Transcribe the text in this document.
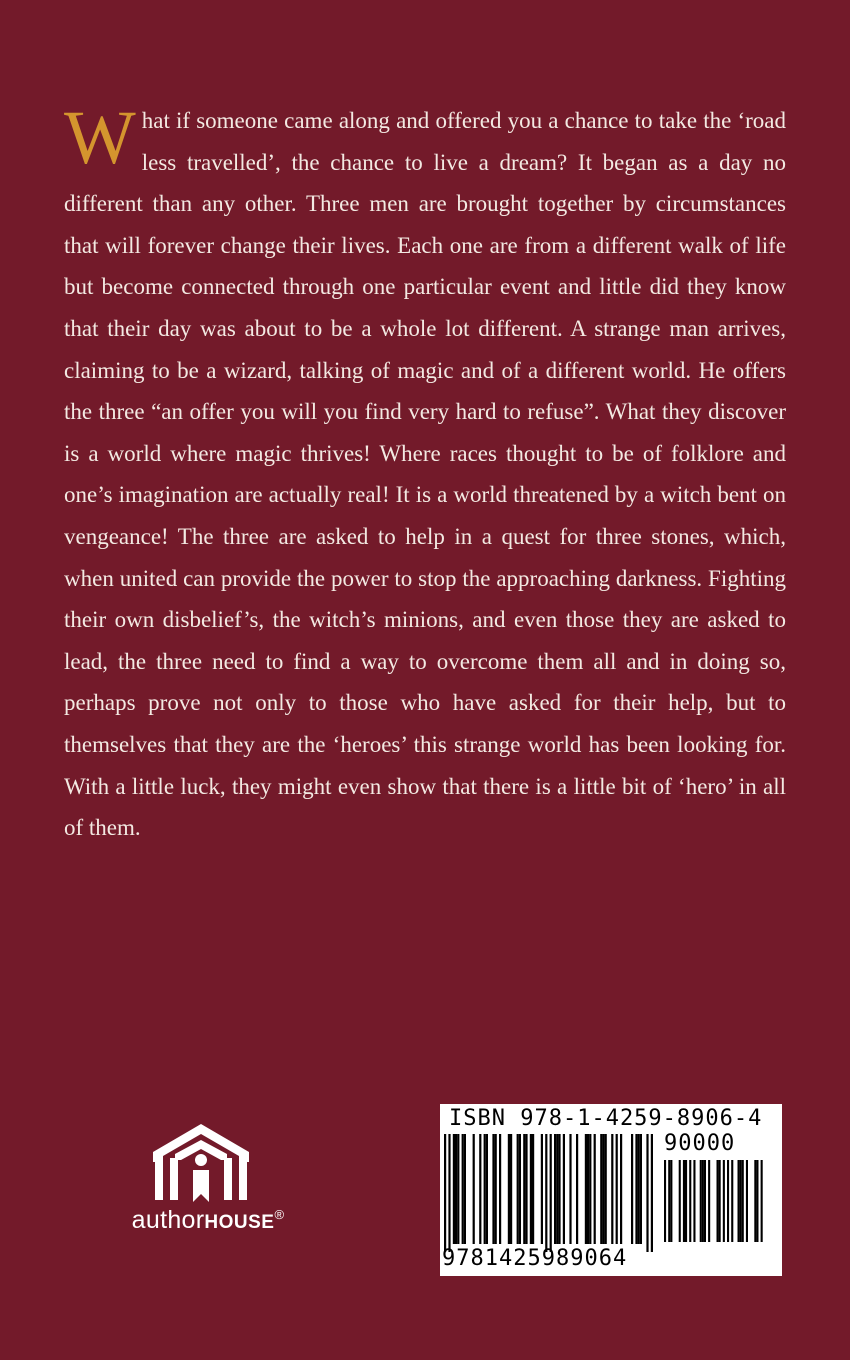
What if someone came along and offered you a chance to take the ‘road less travelled’, the chance to live a dream? It began as a day no different than any other. Three men are brought together by circumstances that will forever change their lives. Each one are from a different walk of life but become connected through one particular event and little did they know that their day was about to be a whole lot different. A strange man arrives, claiming to be a wizard, talking of magic and of a different world. He offers the three “an offer you will you find very hard to refuse”. What they discover is a world where magic thrives! Where races thought to be of folklore and one’s imagination are actually real! It is a world threatened by a witch bent on vengeance! The three are asked to help in a quest for three stones, which, when united can provide the power to stop the approaching darkness. Fighting their own disbelief’s, the witch’s minions, and even those they are asked to lead, the three need to find a way to overcome them all and in doing so, perhaps prove not only to those who have asked for their help, but to themselves that they are the ‘heroes’ this strange world has been looking for. With a little luck, they might even show that there is a little bit of ‘hero’ in all of them.

authorHOUSE®
ISBN 978-1-4259-8906-4
90000
9781425989064
